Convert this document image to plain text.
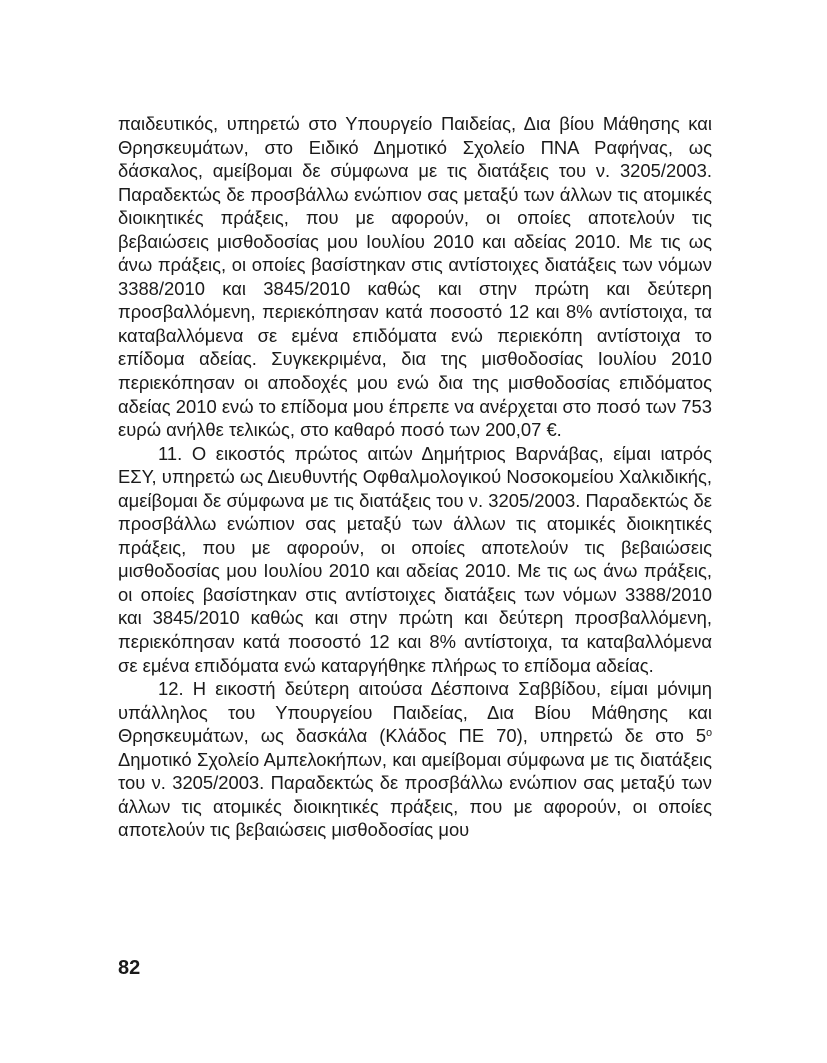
παιδευτικός, υπηρετώ στο Υπουργείο Παιδείας, Δια βίου Μάθησης και Θρησκευμάτων, στο Ειδικό Δημοτικό Σχολείο ΠΝΑ Ραφήνας, ως δάσκαλος, αμείβομαι δε σύμφωνα με τις διατάξεις του ν. 3205/2003. Παραδεκτώς δε προσβάλλω ενώπιον σας μεταξύ των άλλων τις ατομικές διοικητικές πράξεις, που με αφορούν, οι οποίες αποτελούν τις βεβαιώσεις μισθοδοσίας μου Ιουλίου 2010 και αδείας 2010. Με τις ως άνω πράξεις, οι οποίες βασίστηκαν στις αντίστοιχες διατάξεις των νόμων 3388/2010 και 3845/2010 καθώς και στην πρώτη και δεύτερη προσβαλλόμενη, περιεκόπησαν κατά ποσοστό 12 και 8% αντίστοιχα, τα καταβαλλόμενα σε εμένα επιδόματα ενώ περιεκόπη αντίστοιχα το επίδομα αδείας. Συγκεκριμένα, δια της μισθοδοσίας Ιουλίου 2010 περιεκόπησαν οι αποδοχές μου ενώ δια της μισθοδοσίας επιδόματος αδείας 2010 ενώ το επίδομα μου έπρεπε να ανέρχεται στο ποσό των 753 ευρώ ανήλθε τελικώς, στο καθαρό ποσό των 200,07 €.

11. Ο εικοστός πρώτος αιτών Δημήτριος Βαρνάβας, είμαι ιατρός ΕΣΥ, υπηρετώ ως Διευθυντής Οφθαλμολογικού Νοσοκομείου Χαλκιδικής, αμείβομαι δε σύμφωνα με τις διατάξεις του ν. 3205/2003. Παραδεκτώς δε προσβάλλω ενώπιον σας μεταξύ των άλλων τις ατομικές διοικητικές πράξεις, που με αφορούν, οι οποίες αποτελούν τις βεβαιώσεις μισθοδοσίας μου Ιουλίου 2010 και αδείας 2010. Με τις ως άνω πράξεις, οι οποίες βασίστηκαν στις αντίστοιχες διατάξεις των νόμων 3388/2010 και 3845/2010 καθώς και στην πρώτη και δεύτερη προσβαλλόμενη, περιεκόπησαν κατά ποσοστό 12 και 8% αντίστοιχα, τα καταβαλλόμενα σε εμένα επιδόματα ενώ καταργήθηκε πλήρως το επίδομα αδείας.

12. Η εικοστή δεύτερη αιτούσα Δέσποινα Σαββίδου, είμαι μόνιμη υπάλληλος του Υπουργείου Παιδείας, Δια Βίου Μάθησης και Θρησκευμάτων, ως δασκάλα (Κλάδος ΠΕ 70), υπηρετώ δε στο $5^o$ Δημοτικό Σχολείο Αμπελοκήπων, και αμείβομαι σύμφωνα με τις διατάξεις του ν. 3205/2003. Παραδεκτώς δε προσβάλλω ενώπιον σας μεταξύ των άλλων τις ατομικές διοικητικές πράξεις, που με αφορούν, οι οποίες αποτελούν τις βεβαιώσεις μισθοδοσίας μου

82
